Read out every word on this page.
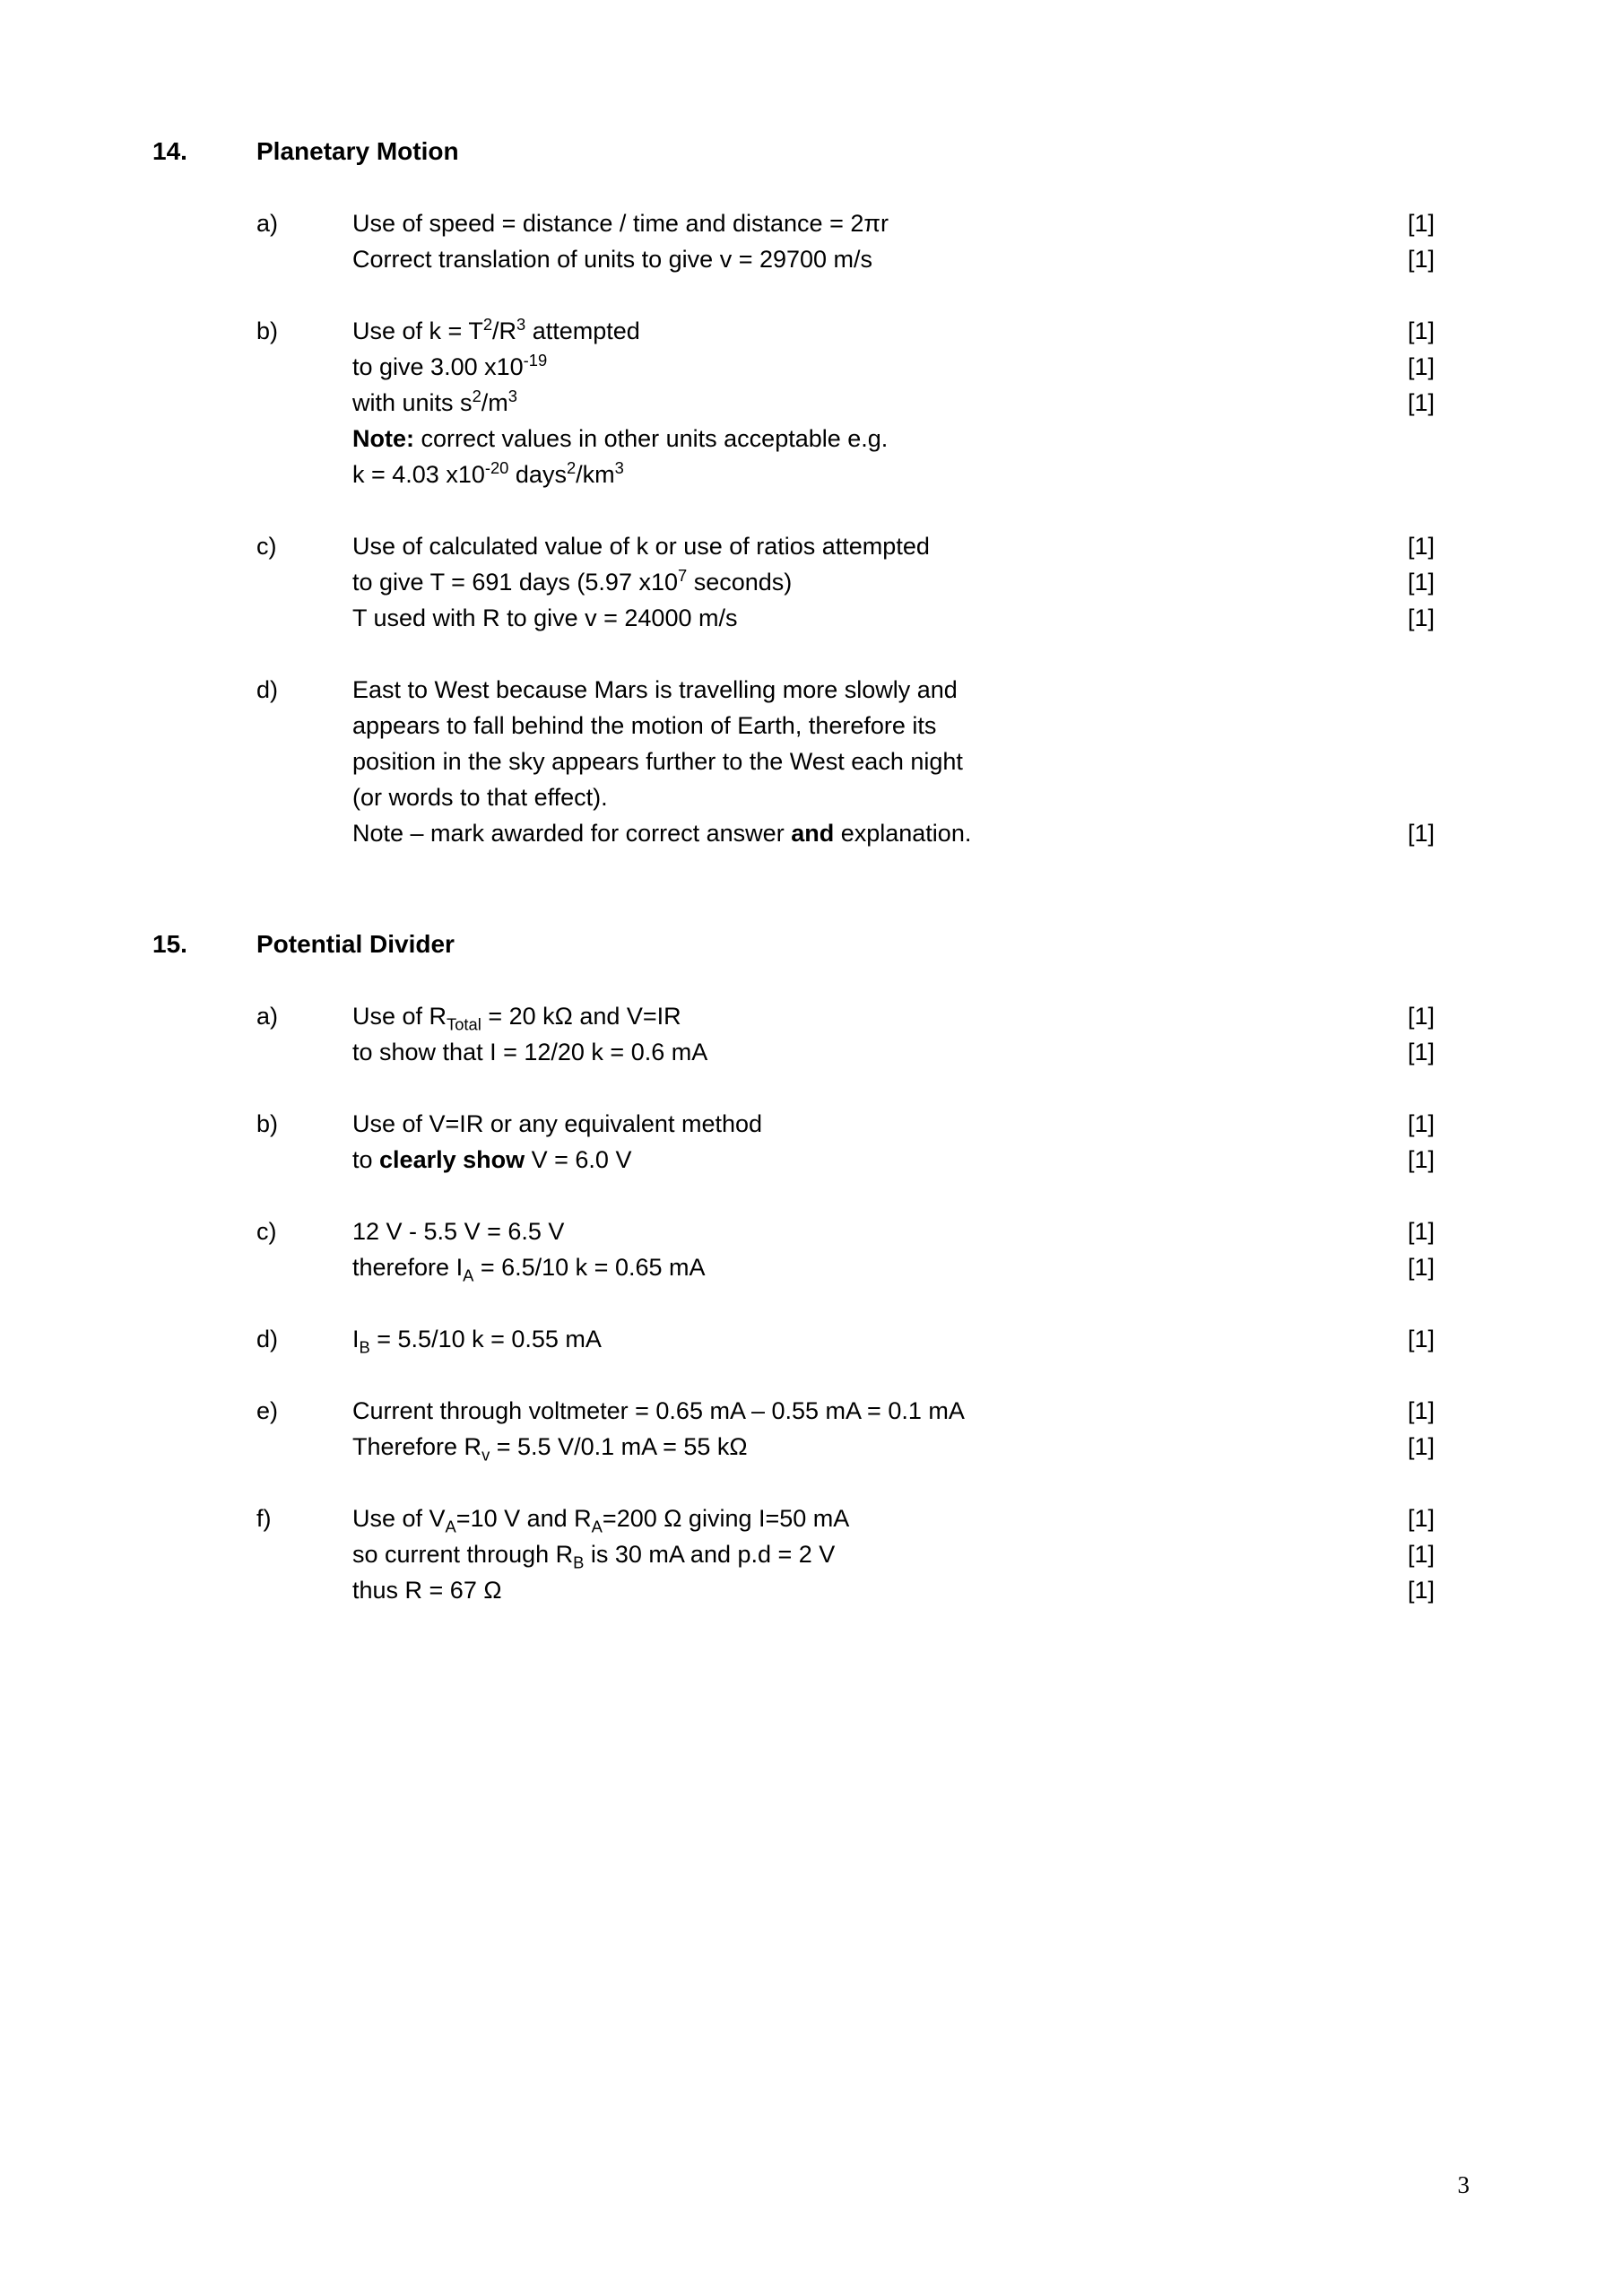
14.	Planetary Motion
a)	Use of speed = distance / time and distance = 2πr	[1]
Correct translation of units to give v = 29700 m/s	[1]
b)	Use of $k = T^2/R^3$ attempted	[1]
to give 3.00 $x10^{-19}$	[1]
with units $s^2/m^3$	[1]
Note: correct values in other units acceptable e.g.
k = 4.03 $x10^{-20}$ $days^2/km^3$
c)	Use of calculated value of k or use of ratios attempted	[1]
to give T = 691 days (5.97 $x10^7$ seconds)	[1]
T used with R to give v = 24000 m/s	[1]
d)	East to West because Mars is travelling more slowly and
appears to fall behind the motion of Earth, therefore its
position in the sky appears further to the West each night
(or words to that effect).
Note – mark awarded for correct answer and explanation.	[1]
15.	Potential Divider
a)	Use of $R_{Total} = 20$ kΩ and V=IR	[1]
to show that I = 12/20 k = 0.6 mA	[1]
b)	Use of V=IR or any equivalent method	[1]
to clearly show V = 6.0 V	[1]
c)	12 V - 5.5 V = 6.5 V	[1]
therefore $I_A = 6.5/10$ k = 0.65 mA	[1]
d)	$I_B = 5.5/10$ k = 0.55 mA	[1]
e)	Current through voltmeter = 0.65 mA – 0.55 mA = 0.1 mA	[1]
Therefore $R_v = 5.5$ V/0.1 mA = 55 kΩ	[1]
f)	Use of $V_A=10$ V and $R_A=200$ Ω giving I=50 mA	[1]
so current through $R_B$ is 30 mA and p.d = 2 V	[1]
thus R = 67 Ω	[1]
3
